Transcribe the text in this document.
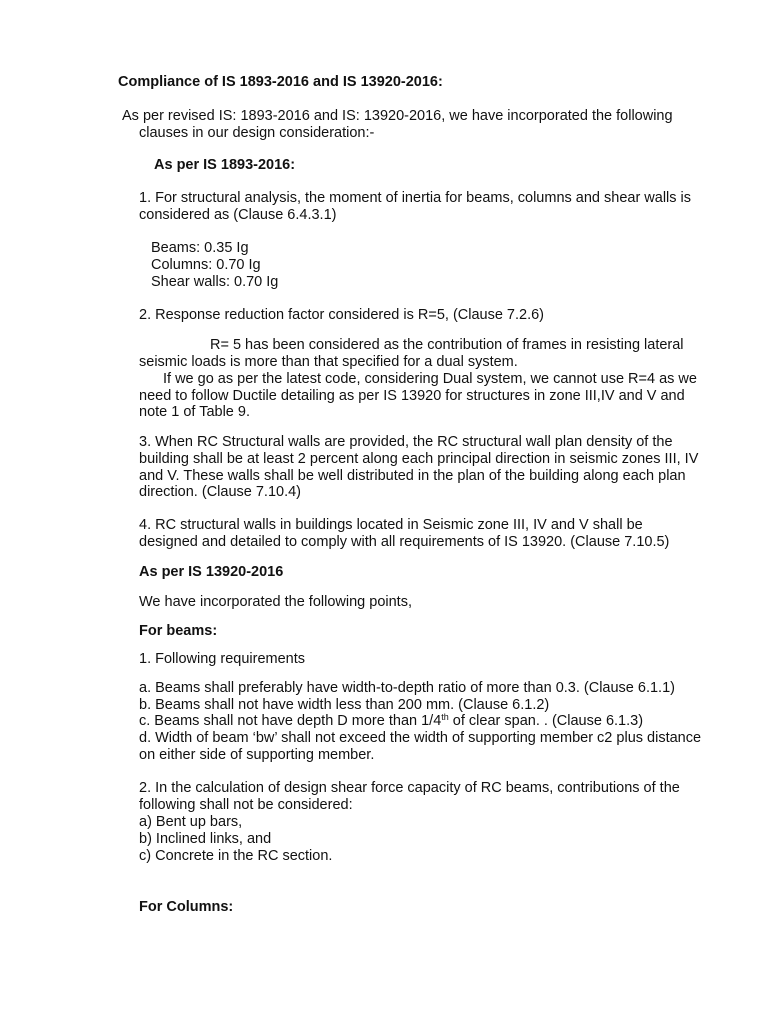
Compliance of IS 1893-2016 and IS 13920-2016:

As per revised IS: 1893-2016 and IS: 13920-2016, we have incorporated the following

clauses in our design consideration:-

As per IS 1893-2016:

1. For structural analysis, the moment of inertia for beams, columns and shear walls is

considered as (Clause 6.4.3.1)

Beams: 0.35 Ig

Columns: 0.70 Ig

Shear walls: 0.70 Ig

2. Response reduction factor considered is R=5, (Clause 7.2.6)

R= 5 has been considered as the contribution of frames in resisting lateral

seismic loads is more than that specified for a dual system.

If we go as per the latest code, considering Dual system, we cannot use R=4 as we

need to follow Ductile detailing as per IS 13920 for structures in zone III,IV and V and

note 1 of Table 9.

3. When RC Structural walls are provided, the RC structural wall plan density of the

building shall be at least 2 percent along each principal direction in seismic zones III, IV

and V. These walls shall be well distributed in the plan of the building along each plan

direction. (Clause 7.10.4)

4. RC structural walls in buildings located in Seismic zone III, IV and V shall be

designed and detailed to comply with all requirements of IS 13920. (Clause 7.10.5)

As per IS 13920-2016

We have incorporated the following points,

For beams:

1. Following requirements

a. Beams shall preferably have width-to-depth ratio of more than 0.3. (Clause 6.1.1)

b. Beams shall not have width less than 200 mm. (Clause 6.1.2)

c. Beams shall not have depth D more than 1/4th of clear span. . (Clause 6.1.3)

d. Width of beam ‘bw’ shall not exceed the width of supporting member c2 plus distance

on either side of supporting member.

2. In the calculation of design shear force capacity of RC beams, contributions of the

following shall not be considered:

a) Bent up bars,

b) Inclined links, and

c) Concrete in the RC section.

For Columns:
